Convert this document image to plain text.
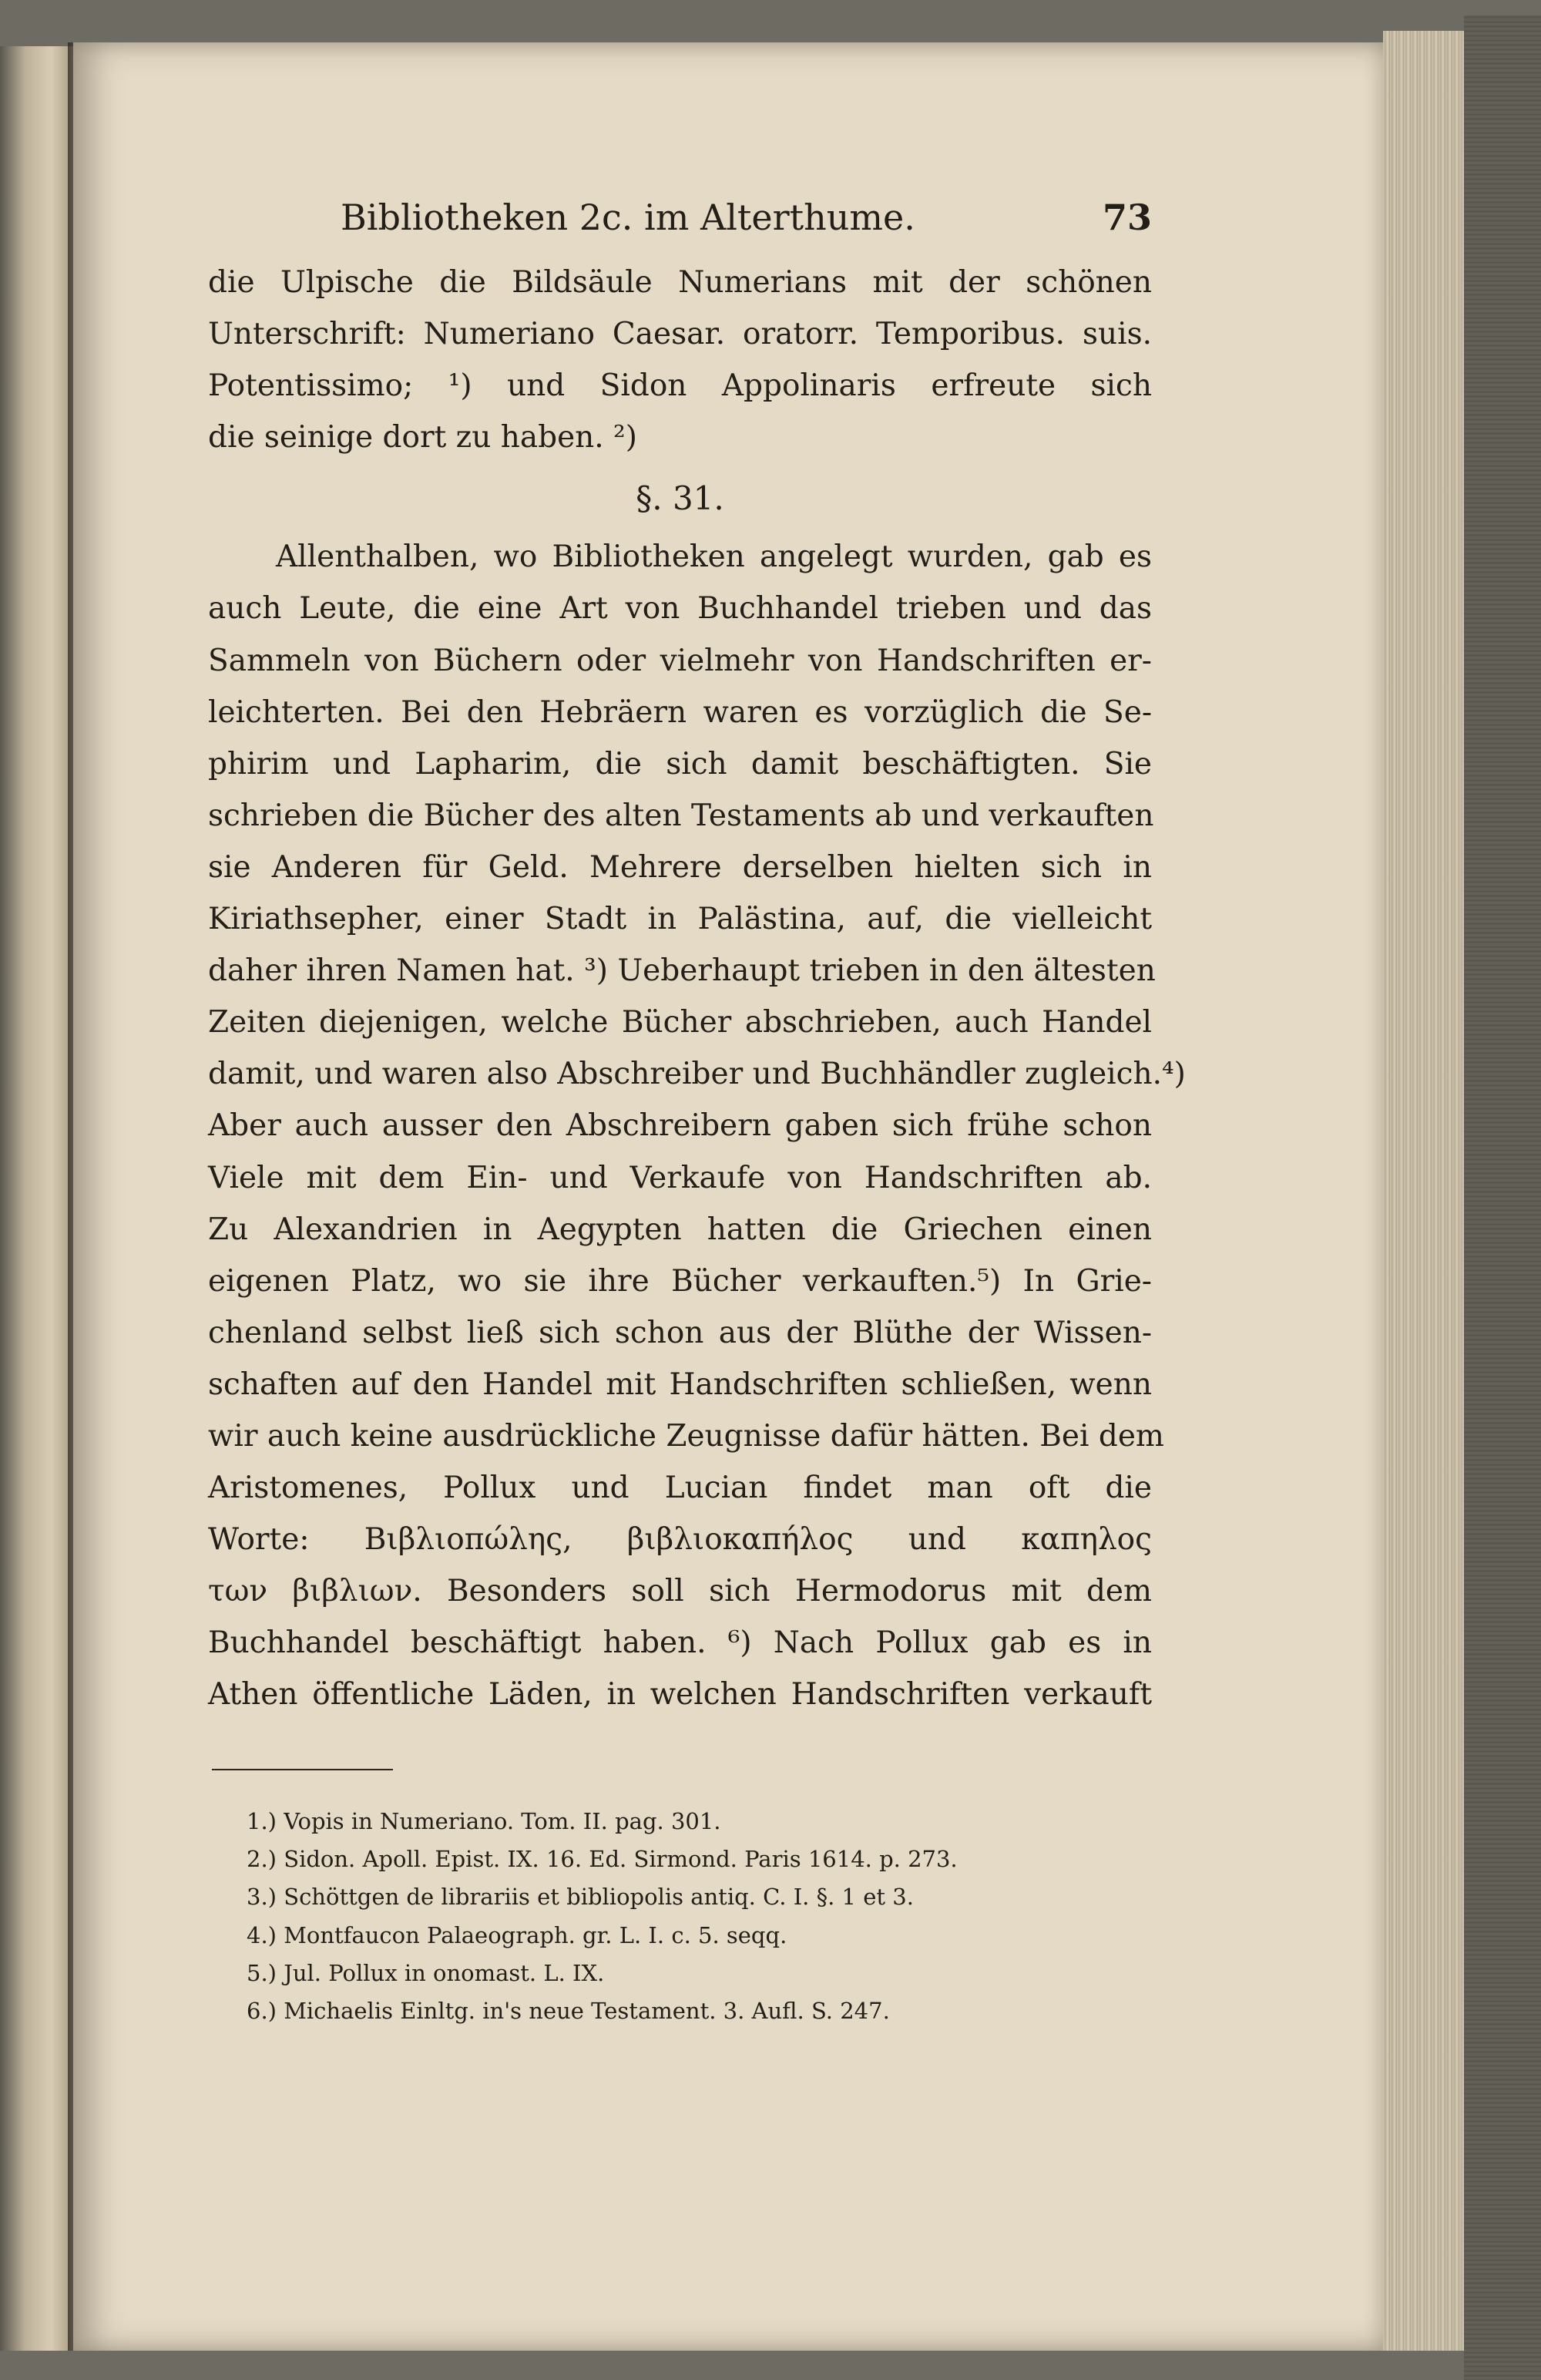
Bibliotheken 2c. im Alterthume.	73
die Ulpische die Bildsäule Numerians mit der schönen
Unterschrift: Numeriano Caesar. oratorr. Temporibus. suis.
Potentissimo; ¹) und Sidon Appolinaris erfreute sich
die seinige dort zu haben. ²)
§. 31.
Allenthalben, wo Bibliotheken angelegt wurden, gab es
auch Leute, die eine Art von Buchhandel trieben und das
Sammeln von Büchern oder vielmehr von Handschriften er-
leichterten. Bei den Hebräern waren es vorzüglich die Se-
phirim und Lapharim, die sich damit beschäftigten. Sie
schrieben die Bücher des alten Testaments ab und verkauften
sie Anderen für Geld. Mehrere derselben hielten sich in
Kiriathsepher, einer Stadt in Palästina, auf, die vielleicht
daher ihren Namen hat. ³) Ueberhaupt trieben in den ältesten
Zeiten diejenigen, welche Bücher abschrieben, auch Handel
damit, und waren also Abschreiber und Buchhändler zugleich.⁴)
Aber auch ausser den Abschreibern gaben sich frühe schon
Viele mit dem Ein- und Verkaufe von Handschriften ab.
Zu Alexandrien in Aegypten hatten die Griechen einen
eigenen Platz, wo sie ihre Bücher verkauften.⁵) In Grie-
chenland selbst ließ sich schon aus der Blüthe der Wissen-
schaften auf den Handel mit Handschriften schließen, wenn
wir auch keine ausdrückliche Zeugnisse dafür hätten. Bei dem
Aristomenes, Pollux und Lucian findet man oft die
Worte: Βιβλιοπώλης, βιβλιοκαπήλος und καπηλος
των βιβλιων. Besonders soll sich Hermodorus mit dem
Buchhandel beschäftigt haben. ⁶) Nach Pollux gab es in
Athen öffentliche Läden, in welchen Handschriften verkauft
1.) Vopis in Numeriano. Tom. II. pag. 301.
2.) Sidon. Apoll. Epist. IX. 16. Ed. Sirmond. Paris 1614. p. 273.
3.) Schöttgen de librariis et bibliopolis antiq. C. I. §. 1 et 3.
4.) Montfaucon Palaeograph. gr. L. I. c. 5. seqq.
5.) Jul. Pollux in onomast. L. IX.
6.) Michaelis Einltg. in's neue Testament. 3. Aufl. S. 247.
